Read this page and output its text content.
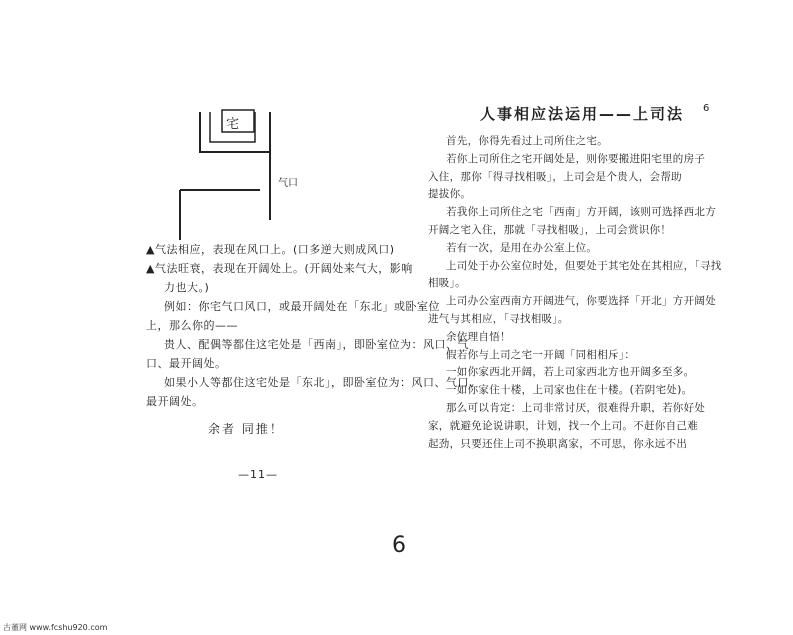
宅
气口

▲气法相应，表现在风口上。(口多逆大则成风口)

▲气法旺衰，表现在开阔处上。(开阔处来气大，影响

力也大。)

例如：你宅气口风口，或最开阔处在「东北」或卧室位

上，那么你的——

贵人、配偶等都住这宅处是「西南」，即卧室位为：风口、气

口、最开阔处。

如果小人等都住这宅处是「东北」，即卧室位为：风口、气口、

最开阔处。

余者 同推！
—11—
人事相应法运用——上司法 6

首先，你得先看过上司所住之宅。

若你上司所住之宅开阔处是，则你要搬进阳宅里的房子

入住，那你「得寻找相吸」，上司会是个贵人，会帮助

提拔你。

若我你上司所住之宅「西南」方开阔，该则可选择西北方

开阔之宅入住，那就「寻找相吸」，上司会赏识你！

若有一次，是用在办公室上位。

上司处于办公室位时处，但要处于其宅处在其相应，「寻找

相吸」。

上司办公室西南方开阔进气，你要选择「开北」方开阔处

进气与其相应，「寻找相吸」。

余依理自悟！

假若你与上司之宅一开阔「同相相斥」：

一如你家西北开阔，若上司家西北方也开阔多至多。

一如你家住十楼，上司家也住在十楼。(若阴宅处)。

那么可以肯定：上司非常讨厌，很难得升职，若你好处

家，就避免论说讲职，计划，找一个上司。不赶你自己难

起劲，只要还住上司不换职离家，不可思，你永远不出

6
古董网 www.fcshu920.com
